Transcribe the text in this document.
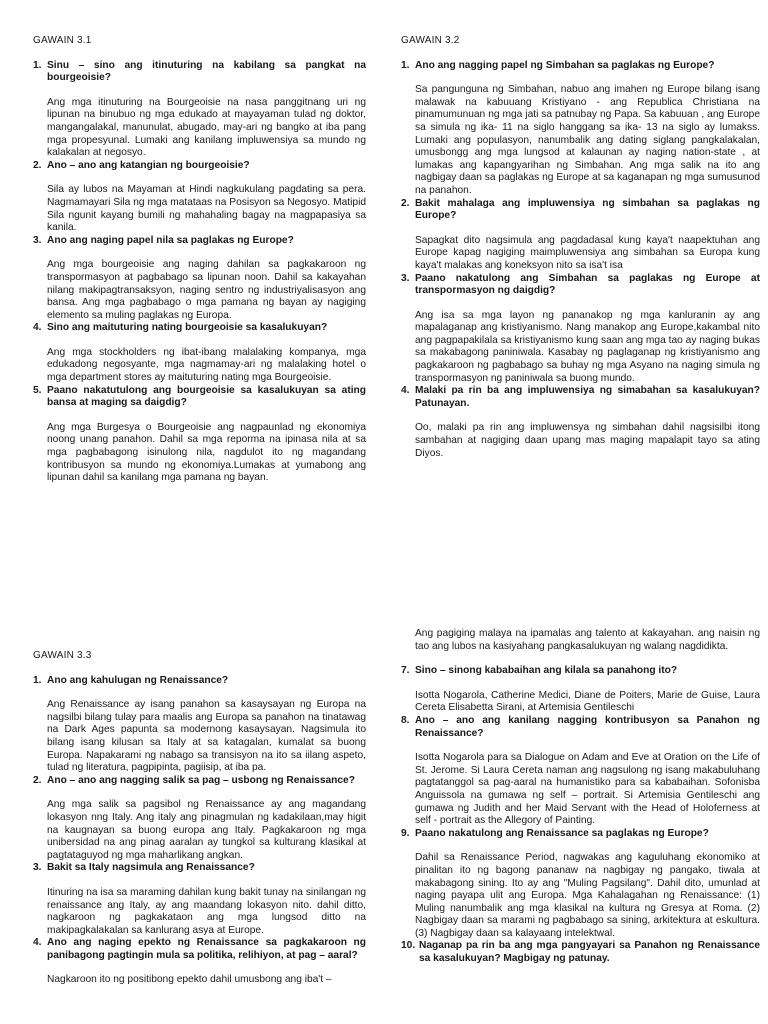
GAWAIN 3.1
1. Sinu – sino ang itinuturing na kabilang sa pangkat na bourgeoisie?
Ang mga itinuturing na Bourgeoisie na nasa panggitnang uri ng lipunan na binubuo ng mga edukado at mayayaman tulad ng doktor, mangangalakal, manunulat, abugado, may-ari ng bangko at iba pang mga propesyunal. Lumaki ang kanilang impluwensiya sa mundo ng kalakalan at negosyo.
2. Ano – ano ang katangian ng bourgeoisie?
Sila ay lubos na Mayaman at Hindi nagkukulang pagdating sa pera. Nagmamayari Sila ng mga matataas na Posisyon sa Negosyo. Matipid Sila ngunit kayang bumili ng mahahaling bagay na magpapasiya sa kanila.
3. Ano ang naging papel nila sa paglakas ng Europe?
Ang mga bourgeoisie ang naging dahilan sa pagkakaroon ng transpormasyon at pagbabago sa lipunan noon. Dahil sa kakayahan nilang makipagtransaksyon, naging sentro ng industriyalisasyon ang bansa. Ang mga pagbabago o mga pamana ng bayan ay nagiging elemento sa muling paglakas ng Europa.
4. Sino ang maituturing nating bourgeoisie sa kasalukuyan?
Ang mga stockholders ng ibat-ibang malalaking kompanya, mga edukadong negosyante, mga nagmamay-ari ng malalaking hotel o mga department stores ay maituturing nating mga Bourgeoisie.
5. Paano nakatutulong ang bourgeoisie sa kasalukuyan sa ating bansa at maging sa daigdig?
Ang mga Burgesya o Bourgeoisie ang nagpaunlad ng ekonomiya noong unang panahon. Dahil sa mga reporma na ipinasa nila at sa mga pagbabagong isinulong nila, nagdulot ito ng magandang kontribusyon sa mundo ng ekonomiya.Lumakas at yumabong ang lipunan dahil sa kanilang mga pamana ng bayan.
GAWAIN 3.2
1. Ano ang nagging papel ng Simbahan sa paglakas ng Europe?
Sa pangunguna ng Simbahan, nabuo ang imahen ng Europe bilang isang malawak na kabuuang Kristiyano - ang Republica Christiana na pinamumunuan ng mga jati sa patnubay ng Papa. Sa kabuuan , ang Europe sa simula ng ika- 11 na siglo hanggang sa ika- 13 na siglo ay lumakss. Lumaki ang populasyon, nanumbalik ang dating siglang pangkalakalan, umusbongg ang mga lungsod at kalaunan ay naging nation-state , at lumakas ang kapangyarihan ng Simbahan. Ang mga salik na ito ang nagbigay daan sa paglakas ng Europe at sa kaganapan ng mga sumusunod na panahon.
2. Bakit mahalaga ang impluwensiya ng simbahan sa paglakas ng Europe?
Sapagkat dito nagsimula ang pagdadasal kung kaya't naapektuhan ang Europe kapag nagiging maimpluwensiya ang simbahan sa Europa kung kaya't malakas ang koneksyon nito sa isa't isa
3. Paano nakatulong ang Simbahan sa paglakas ng Europe at transpormasyon ng daigdig?
Ang isa sa mga layon ng pananakop ng mga kanluranin ay ang mapalaganap ang kristiyanismo. Nang manakop ang Europe,kakambal nito ang pagpapakilala sa kristiyanismo kung saan ang mga tao ay naging bukas sa makabagong paniniwala. Kasabay ng paglaganap ng kristiyanismo ang pagkakaroon ng pagbabago sa buhay ng mga Asyano na naging simula ng transpormasyon ng paniniwala sa buong mundo.
4. Malaki pa rin ba ang impluwensiya ng simabahan sa kasalukuyan? Patunayan.
Oo, malaki pa rin ang impluwensya ng simbahan dahil nagsisilbi itong sambahan at nagiging daan upang mas maging mapalapit tayo sa ating Diyos.
GAWAIN 3.3
1. Ano ang kahulugan ng Renaissance?
Ang Renaissance ay isang panahon sa kasaysayan ng Europa na nagsilbi bilang tulay para maalis ang Europa sa panahon na tinatawag na Dark Ages papunta sa modernong kasaysayan. Nagsimula ito bilang isang kilusan sa Italy at sa katagalan, kumalat sa buong Europa. Napakarami ng nabago sa transisyon na ito sa iilang aspeto, tulad ng literatura, pagpipinta, pagiisip, at iba pa.
2. Ano – ano ang nagging salik sa pag – usbong ng Renaissance?
Ang mga salik sa pagsibol ng Renaissance ay ang magandang lokasyon nng Italy. Ang italy ang pinagmulan ng kadakilaan,may higit na kaugnayan sa buong europa ang Italy. Pagkakaroon ng mga unibersidad na ang pinag aaralan ay tungkol sa kulturang klasikal at pagtataguyod ng mga maharlikang angkan.
3. Bakit sa Italy nagsimula ang Renaissance?
Itinuring na isa sa maraming dahilan kung bakit tunay na sinilangan ng renaissance ang Italy, ay ang maandang lokasyon nito. dahil ditto, nagkaroon ng pagkakataon ang mga lungsod ditto na makipagkalakalan sa kanlurang asya at Europe.
4. Ano ang naging epekto ng Renaissance sa pagkakaroon ng panibagong pagtingin mula sa politika, relihiyon, at pag – aaral?
Nagkaroon ito ng positibong epekto dahil umusbong ang iba't –
Ang pagiging malaya na ipamalas ang talento at kakayahan. ang naisin ng tao ang lubos na kasiyahang pangkasalukuyan ng walang nagdidikta.
7. Sino – sinong kababaihan ang kilala sa panahong ito?
Isotta Nogarola, Catherine Medici, Diane de Poiters, Marie de Guise, Laura Cereta Elisabetta Sirani, at Artemisia Gentileschi
8. Ano – ano ang kanilang nagging kontribusyon sa Panahon ng Renaissance?
Isotta Nogarola para sa Dialogue on Adam and Eve at Oration on the Life of St. Jerome. Si Laura Cereta naman ang nagsulong ng isang makabuluhang pagtatanggol sa pag-aaral na humanistiko para sa kababaihan. Sofonisba Anguissola na gumawa ng self – portrait. Si Artemisia Gentileschi ang gumawa ng Judith and her Maid Servant with the Head of Holoferness at self - portrait as the Allegory of Painting.
9. Paano nakatulong ang Renaissance sa paglakas ng Europe?
Dahil sa Renaissance Period, nagwakas ang kaguluhang ekonomiko at pinalitan ito ng bagong pananaw na nagbigay ng pangako, tiwala at makabagong sining. Ito ay ang "Muling Pagsilang". Dahil dito, umunlad at naging payapa ulit ang Europa. Mga Kahalagahan ng Renaissance: (1) Muling nanumbalik ang mga klasikal na kultura ng Gresya at Roma. (2) Nagbigay daan sa marami ng pagbabago sa sining, arkitektura at eskultura. (3) Nagbigay daan sa kalayaang intelektwal.
10. Naganap pa rin ba ang mga pangyayari sa Panahon ng Renaissance sa kasalukuyan? Magbigay ng patunay.
